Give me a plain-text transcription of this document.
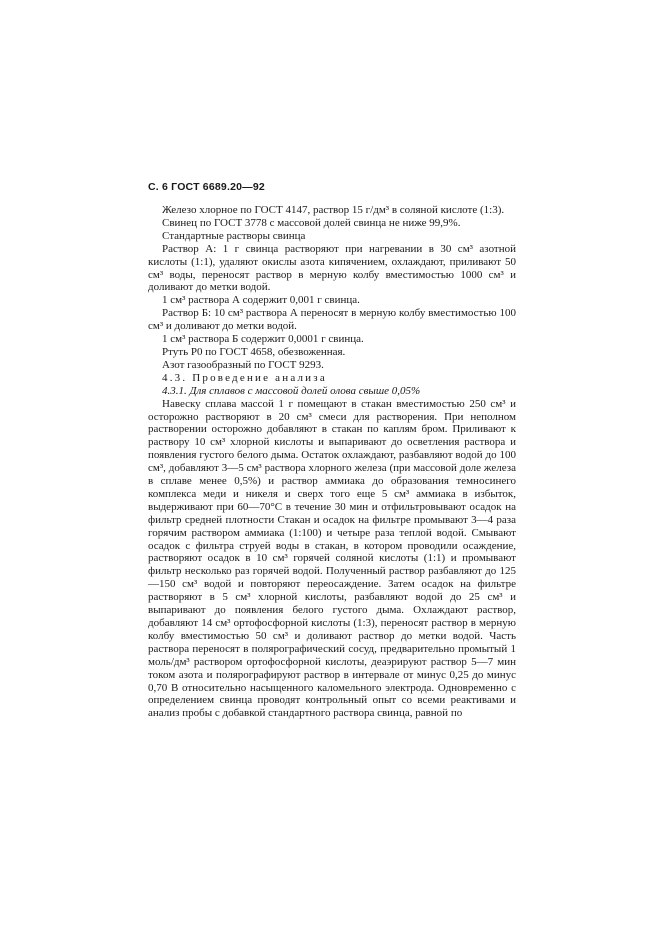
С. 6 ГОСТ 6689.20—92

Железо хлорное по ГОСТ 4147, раствор 15 г/дм³ в соляной кислоте (1:3).

Свинец по ГОСТ 3778 с массовой долей свинца не ниже 99,9%.

Стандартные растворы свинца

Раствор А: 1 г свинца растворяют при нагревании в 30 см³ азотной кислоты (1:1), удаляют окислы азота кипячением, охлаждают, приливают 50 см³ воды, переносят раствор в мерную колбу вместимостью 1000 см³ и доливают до метки водой.

1 см³ раствора А содержит 0,001 г свинца.

Раствор Б: 10 см³ раствора А переносят в мерную колбу вместимостью 100 см³ и доливают до метки водой.

1 см³ раствора Б содержит 0,0001 г свинца.

Ртуть Р0 по ГОСТ 4658, обезвоженная.

Азот газообразный по ГОСТ 9293.

4.3. Проведение анализа

4.3.1. Для сплавов с массовой долей олова свыше 0,05%

Навеску сплава массой 1 г помещают в стакан вместимостью 250 см³ и осторожно растворяют в 20 см³ смеси для растворения. При неполном растворении осторожно добавляют в стакан по каплям бром. Приливают к раствору 10 см³ хлорной кислоты и выпаривают до осветления раствора и появления густого белого дыма. Остаток охлаждают, разбавляют водой до 100 см³, добавляют 3—5 см³ раствора хлорного железа (при массовой доле железа в сплаве менее 0,5%) и раствор аммиака до образования темносинего комплекса меди и никеля и сверх того еще 5 см³ аммиака в избыток, выдерживают при 60—70°С в течение 30 мин и отфильтровывают осадок на фильтр средней плотности Стакан и осадок на фильтре промывают 3—4 раза горячим раствором аммиака (1:100) и четыре раза теплой водой. Смывают осадок с фильтра струей воды в стакан, в котором проводили осаждение, растворяют осадок в 10 см³ горячей соляной кислоты (1:1) и промывают фильтр несколько раз горячей водой. Полученный раствор разбавляют до 125—150 см³ водой и повторяют переосаждение. Затем осадок на фильтре растворяют в 5 см³ хлорной кислоты, разбавляют водой до 25 см³ и выпаривают до появления белого густого дыма. Охлаждают раствор, добавляют 14 см³ ортофосфорной кислоты (1:3), переносят раствор в мерную колбу вместимостью 50 см³ и доливают раствор до метки водой. Часть раствора переносят в полярографический сосуд, предварительно промытый 1 моль/дм³ раствором ортофосфорной кислоты, деаэрируют раствор 5—7 мин током азота и полярографируют раствор в интервале от минус 0,25 до минус 0,70 В относительно насыщенного каломельного электрода. Одновременно с определением свинца проводят контрольный опыт со всеми реактивами и анализ пробы с добавкой стандартного раствора свинца, равной по
